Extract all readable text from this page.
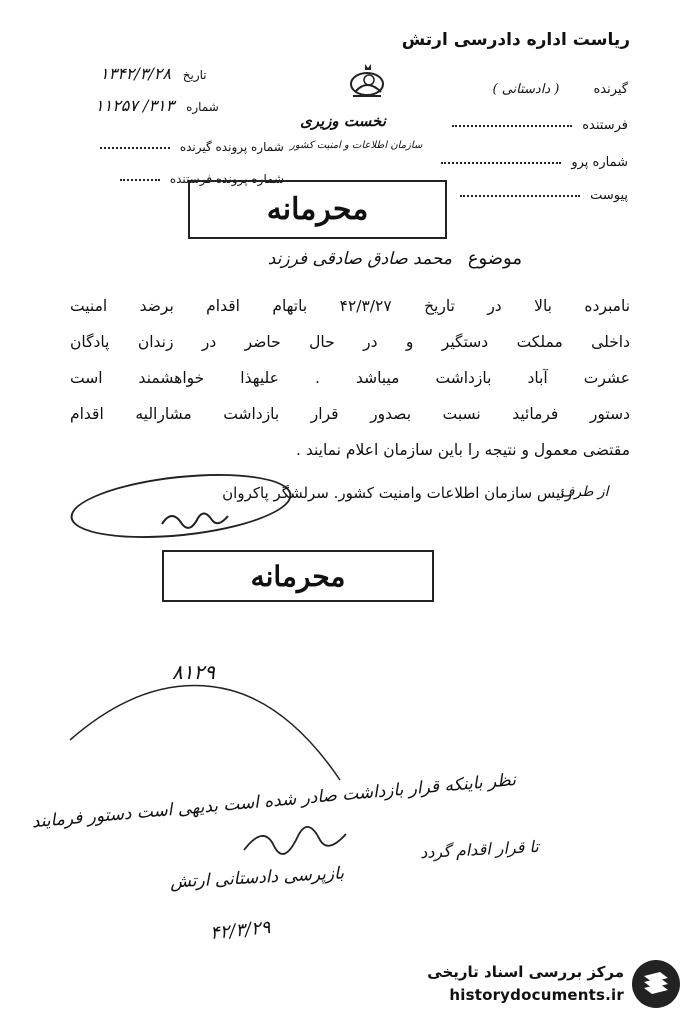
ریاست اداره دادرسی ارتش
گیرنده ( دادستانی )
فرستنده
شماره پرو
پیوست
تاریخ ۱۳۴۲/۳/۲۸
شماره ۳۱۳/ ۱۱۲۵۷
شماره پرونده گیرنده
شماره پرونده فرستنده
نخست وزیری
سازمان اطلاعات و امنیت کشور
محرمانه
موضوع محمد صادق صادقی فرزند

نامبرده بالا در تاریخ ۴۲/۳/۲۷ باتهام اقدام برضد امنیت

داخلی مملکت دستگیر و در حال حاضر در زندان پادگان

عشرت آباد بازداشت میباشد . علیهذا خواهشمند است

دستور فرمائید نسبت بصدور قرار بازداشت مشارالیه اقدام

مقتضی معمول و نتیجه را باین سازمان اعلام نمایند .

رئیس سازمان اطلاعات وامنیت کشور. سرلشگر پاکروان
از طرف
محرمانه
۸۱۲۹
نظر باینکه قرار بازداشت صادر شده است بدیهی است دستور فرمایند
تا قرار اقدام گردد
بازپرسی دادستانی ارتش
۴۲/۳/۲۹
مرکز بررسی اسناد تاریخی
historydocuments.ir
